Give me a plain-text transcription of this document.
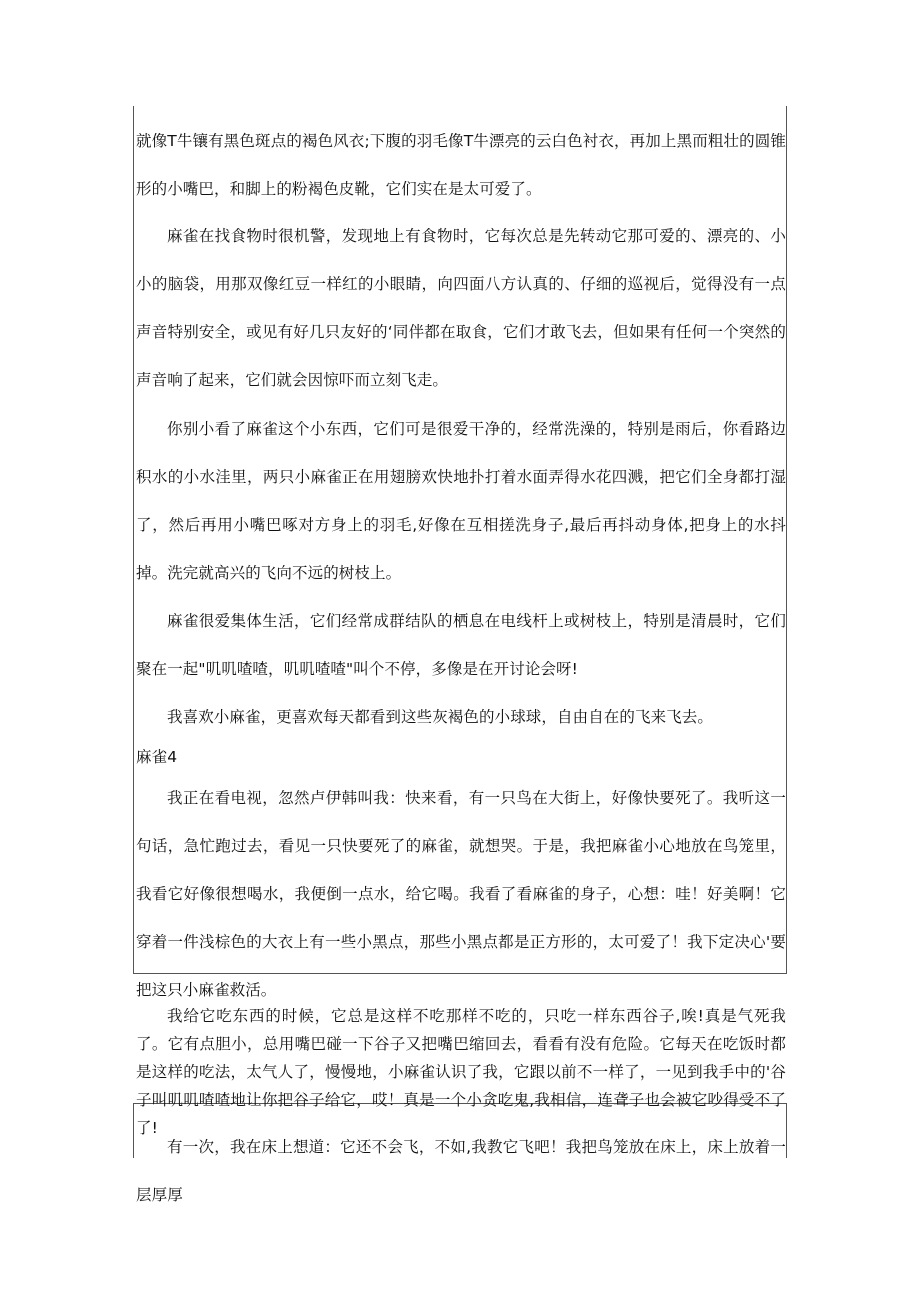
就像T牛镶有黑色斑点的褐色风衣;下腹的羽毛像T牛漂亮的云白色衬衣，再加上黑而粗壮的圆锥形的小嘴巴，和脚上的粉褐色皮靴，它们实在是太可爱了。

麻雀在找食物时很机警，发现地上有食物时，它每次总是先转动它那可爱的、漂亮的、小小的脑袋，用那双像红豆一样红的小眼睛，向四面八方认真的、仔细的巡视后，觉得没有一点声音特别安全，或见有好几只友好的‘同伴都在取食，它们才敢飞去，但如果有任何一个突然的声音响了起来，它们就会因惊吓而立刻飞走。

你别小看了麻雀这个小东西，它们可是很爱干净的，经常洗澡的，特别是雨后，你看路边积水的小水洼里，两只小麻雀正在用翅膀欢快地扑打着水面弄得水花四溅，把它们全身都打湿了，然后再用小嘴巴啄对方身上的羽毛,好像在互相搓洗身子,最后再抖动身体,把身上的水抖掉。洗完就高兴的飞向不远的树枝上。

麻雀很爱集体生活，它们经常成群结队的栖息在电线杆上或树枝上，特别是清晨时，它们聚在一起"叽叽喳喳，叽叽喳喳"叫个不停，多像是在开讨论会呀!

我喜欢小麻雀，更喜欢每天都看到这些灰褐色的小球球，自由自在的飞来飞去。

麻雀4

我正在看电视，忽然卢伊韩叫我：快来看，有一只鸟在大街上，好像快要死了。我听这一句话，急忙跑过去，看见一只快要死了的麻雀，就想哭。于是，我把麻雀小心地放在鸟笼里，我看它好像很想喝水，我便倒一点水，给它喝。我看了看麻雀的身子，心想：哇！好美啊！它穿着一件浅棕色的大衣上有一些小黑点，那些小黑点都是正方形的，太可爱了！我下定决心'要把这只小麻雀救活。

我给它吃东西的时候，它总是这样不吃那样不吃的，只吃一样东西谷子,唉!真是气死我了。它有点胆小，总用嘴巴碰一下谷子又把嘴巴缩回去，看看有没有危险。它每天在吃饭时都是这样的吃法，太气人了，慢慢地，小麻雀认识了我，它跟以前不一样了，一见到我手中的'谷子叫叽叽喳喳地让你把谷子给它，哎！真是一个小贪吃鬼,我相信，连聋子也会被它吵得受不了了!

有一次，我在床上想道：它还不会飞，不如,我教它飞吧！我把鸟笼放在床上，床上放着一层厚厚
